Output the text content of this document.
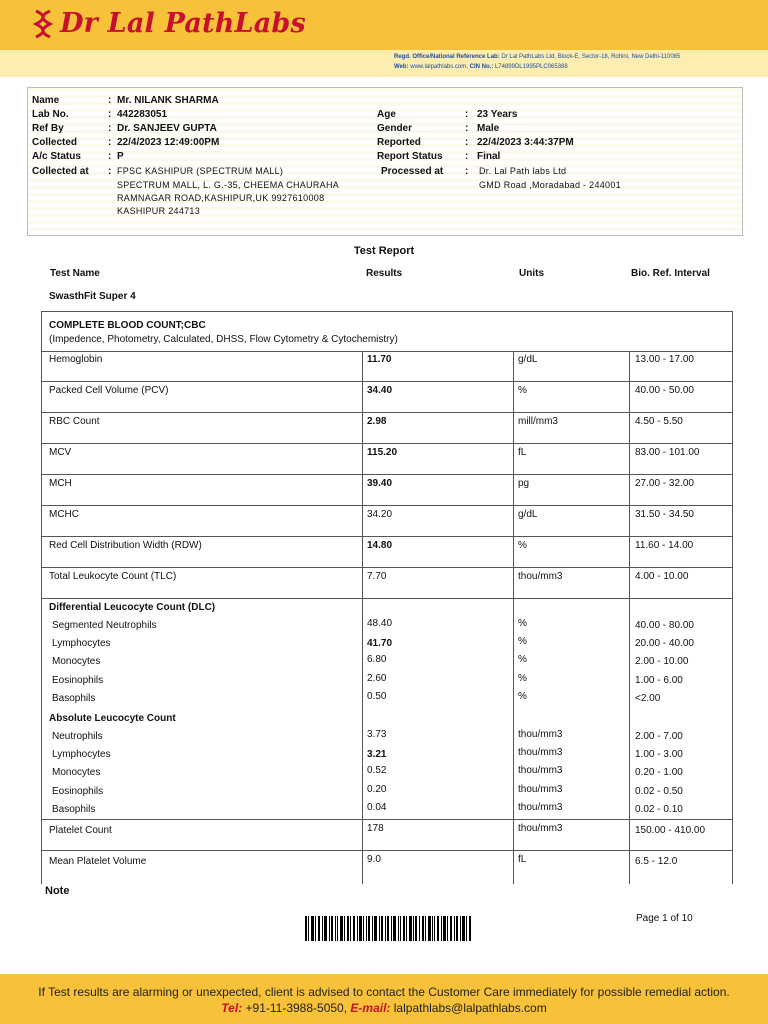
Dr Lal PathLabs
Regd. Office/National Reference Lab: Dr Lal PathLabs Ltd, Block-E, Sector-18, Rohini, New Delhi-110085
Web: www.lalpathlabs.com, CIN No.: L74899DL1995PLC065388
Name	: Mr. NILANK SHARMA
Lab No.	: 442283051
Ref By	: Dr. SANJEEV GUPTA
Collected	: 22/4/2023 12:49:00PM
A/c Status	: P
Collected at : FPSC KASHIPUR (SPECTRUM MALL)
SPECTRUM MALL, L. G.-35, CHEEMA CHAURAHA
RAMNAGAR ROAD,KASHIPUR,UK 9927610008
KASHIPUR 244713
Age	: 23 Years
Gender	: Male
Reported	: 22/4/2023 3:44:37PM
Report Status : Final
Processed at : Dr. Lal Path labs Ltd
GMD Road ,Moradabad - 244001
Test Report
Test Name	Results	Units	Bio. Ref. Interval
SwasthFit Super 4
COMPLETE BLOOD COUNT;CBC
(Impedence, Photometry, Calculated, DHSS, Flow Cytometry & Cytochemistry)
Hemoglobin	11.70	g/dL	13.00 - 17.00
Packed Cell Volume (PCV)	34.40	%	40.00 - 50.00
RBC Count	2.98	mill/mm3	4.50 - 5.50
MCV	115.20	fL	83.00 - 101.00
MCH	39.40	pg	27.00 - 32.00
MCHC	34.20	g/dL	31.50 - 34.50
Red Cell Distribution Width (RDW)	14.80	%	11.60 - 14.00
Total Leukocyte Count (TLC)	7.70	thou/mm3	4.00 - 10.00
Differential Leucocyte Count (DLC)
Segmented Neutrophils	48.40	%	40.00 - 80.00
Lymphocytes	41.70	%	20.00 - 40.00
Monocytes	6.80	%	2.00 - 10.00
Eosinophils	2.60	%	1.00 - 6.00
Basophils	0.50	%	<2.00
Absolute Leucocyte Count
Neutrophils	3.73	thou/mm3	2.00 - 7.00
Lymphocytes	3.21	thou/mm3	1.00 - 3.00
Monocytes	0.52	thou/mm3	0.20 - 1.00
Eosinophils	0.20	thou/mm3	0.02 - 0.50
Basophils	0.04	thou/mm3	0.02 - 0.10
Platelet Count	178	thou/mm3	150.00 - 410.00
Mean Platelet Volume	9.0	fL	6.5 - 12.0
Note
Page 1 of 10
If Test results are alarming or unexpected, client is advised to contact the Customer Care immediately for possible remedial action.
Tel: +91-11-3988-5050, E-mail: lalpathlabs@lalpathlabs.com
